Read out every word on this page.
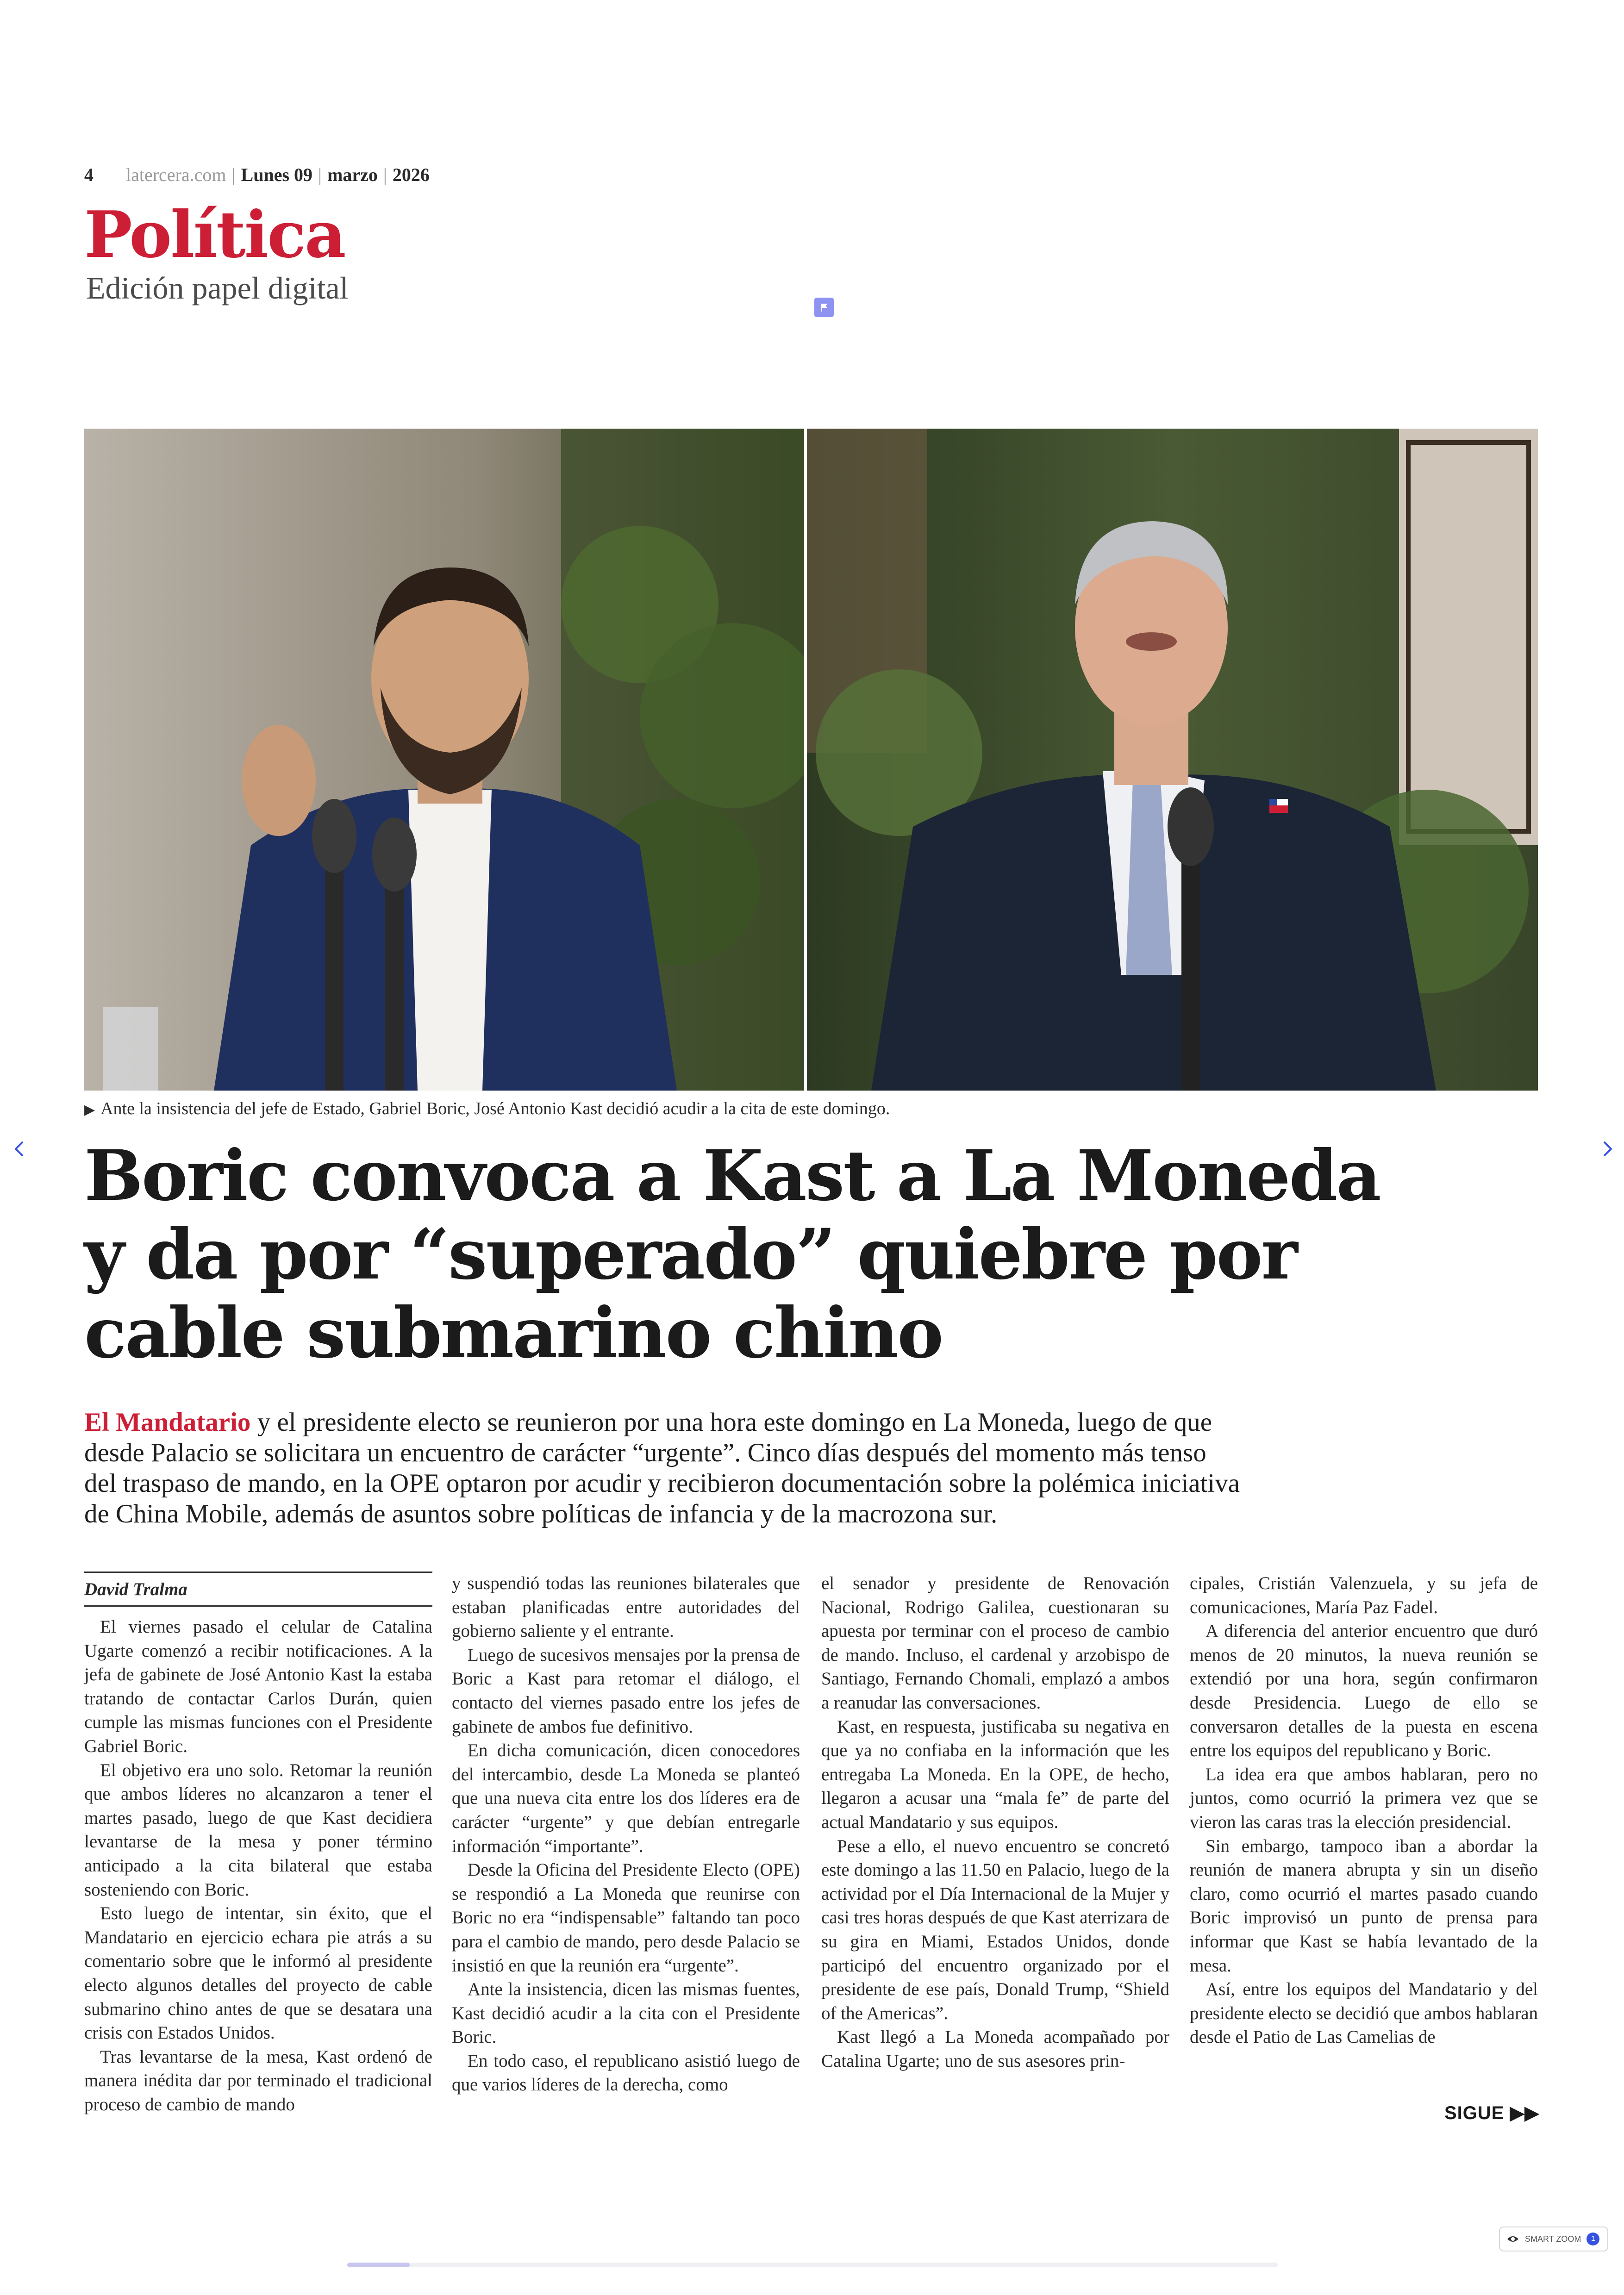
4 latercera.com | Lunes 09 | marzo | 2026
Política
Edición papel digital
▶ Ante la insistencia del jefe de Estado, Gabriel Boric, José Antonio Kast decidió acudir a la cita de este domingo.
Boric convoca a Kast a La Moneda
y da por “superado” quiebre por
cable submarino chino
El Mandatario y el presidente electo se reunieron por una hora este domingo en La Moneda, luego de que
desde Palacio se solicitara un encuentro de carácter “urgente”. Cinco días después del momento más tenso
del traspaso de mando, en la OPE optaron por acudir y recibieron documentación sobre la polémica iniciativa
de China Mobile, además de asuntos sobre políticas de infancia y de la macrozona sur.
David Tralma

El viernes pasado el celular de Catalina Ugarte comenzó a recibir notificaciones. A la jefa de gabinete de José Antonio Kast la estaba tratando de contactar Carlos Durán, quien cumple las mismas funciones con el Presidente Gabriel Boric.

El objetivo era uno solo. Retomar la reunión que ambos líderes no alcanzaron a tener el martes pasado, luego de que Kast decidiera levantarse de la mesa y poner término anticipado a la cita bilateral que estaba sosteniendo con Boric.

Esto luego de intentar, sin éxito, que el Mandatario en ejercicio echara pie atrás a su comentario sobre que le informó al presidente electo algunos detalles del proyecto de cable submarino chino antes de que se desatara una crisis con Estados Unidos.

Tras levantarse de la mesa, Kast ordenó de manera inédita dar por terminado el tradicional proceso de cambio de mando

y suspendió todas las reuniones bilaterales que estaban planificadas entre autoridades del gobierno saliente y el entrante.

Luego de sucesivos mensajes por la prensa de Boric a Kast para retomar el diálogo, el contacto del viernes pasado entre los jefes de gabinete de ambos fue definitivo.

En dicha comunicación, dicen conocedores del intercambio, desde La Moneda se planteó que una nueva cita entre los dos líderes era de carácter “urgente” y que debían entregarle información “importante”.

Desde la Oficina del Presidente Electo (OPE) se respondió a La Moneda que reunirse con Boric no era “indispensable” faltando tan poco para el cambio de mando, pero desde Palacio se insistió en que la reunión era “urgente”.

Ante la insistencia, dicen las mismas fuentes, Kast decidió acudir a la cita con el Presidente Boric.

En todo caso, el republicano asistió luego de que varios líderes de la derecha, como

el senador y presidente de Renovación Nacional, Rodrigo Galilea, cuestionaran su apuesta por terminar con el proceso de cambio de mando. Incluso, el cardenal y arzobispo de Santiago, Fernando Chomali, emplazó a ambos a reanudar las conversaciones.

Kast, en respuesta, justificaba su negativa en que ya no confiaba en la información que les entregaba La Moneda. En la OPE, de hecho, llegaron a acusar una “mala fe” de parte del actual Mandatario y sus equipos.

Pese a ello, el nuevo encuentro se concretó este domingo a las 11.50 en Palacio, luego de la actividad por el Día Internacional de la Mujer y casi tres horas después de que Kast aterrizara de su gira en Miami, Estados Unidos, donde participó del encuentro organizado por el presidente de ese país, Donald Trump, “Shield of the Americas”.

Kast llegó a La Moneda acompañado por Catalina Ugarte; uno de sus asesores prin-

cipales, Cristián Valenzuela, y su jefa de comunicaciones, María Paz Fadel.

A diferencia del anterior encuentro que duró menos de 20 minutos, la nueva reunión se extendió por una hora, según confirmaron desde Presidencia. Luego de ello se conversaron detalles de la puesta en escena entre los equipos del republicano y Boric.

La idea era que ambos hablaran, pero no juntos, como ocurrió la primera vez que se vieron las caras tras la elección presidencial.

Sin embargo, tampoco iban a abordar la reunión de manera abrupta y sin un diseño claro, como ocurrió el martes pasado cuando Boric improvisó un punto de prensa para informar que Kast se había levantado de la mesa.

Así, entre los equipos del Mandatario y del presidente electo se decidió que ambos hablaran desde el Patio de Las Camelias de

SIGUE ▶▶
SMART ZOOM	1
